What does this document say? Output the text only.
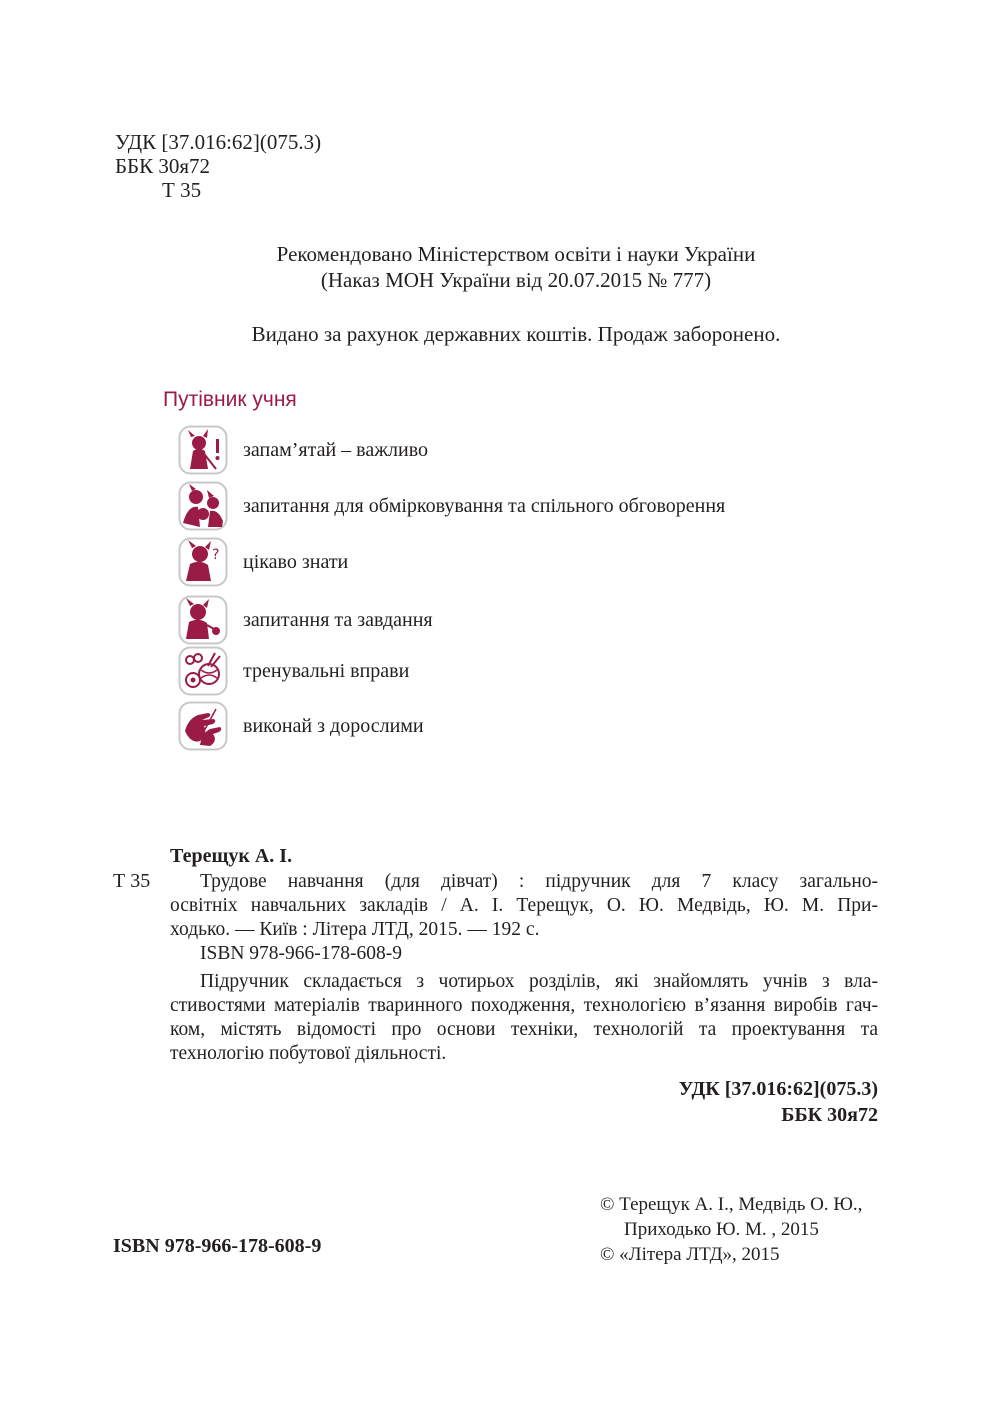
УДК [37.016:62](075.3)
ББК 30я72
Т 35
Рекомендовано Міністерством освіти і науки України
(Наказ МОН України від 20.07.2015 № 777)
Видано за рахунок державних коштів. Продаж заборонено.
Путівник учня
запам’ятай – важливо
запитання для обмірковування та спільного обговорення
? цікаво знати
запитання та завдання
тренувальні вправи
виконай з дорослими
Терещук А. І.
Т 35	Трудове навчання (для дівчат) : підручник для 7 класу загально-
освітніх навчальних закладів / А. І. Терещук, О. Ю. Медвідь, Ю. М. При-
ходько. — Київ : Літера ЛТД, 2015. — 192 с.
ISBN 978-966-178-608-9
Підручник складається з чотирьох розділів, які знайомлять учнів з вла-
стивостями матеріалів тваринного походження, технологією в’язання виробів гач-
ком, містять відомості про основи техніки, технологій та проектування та
технологію побутової діяльності.
УДК [37.016:62](075.3)
ББК 30я72
© Терещук А. І., Медвідь О. Ю.,
Приходько Ю. М. , 2015
© «Літера ЛТД», 2015
ISBN 978-966-178-608-9
